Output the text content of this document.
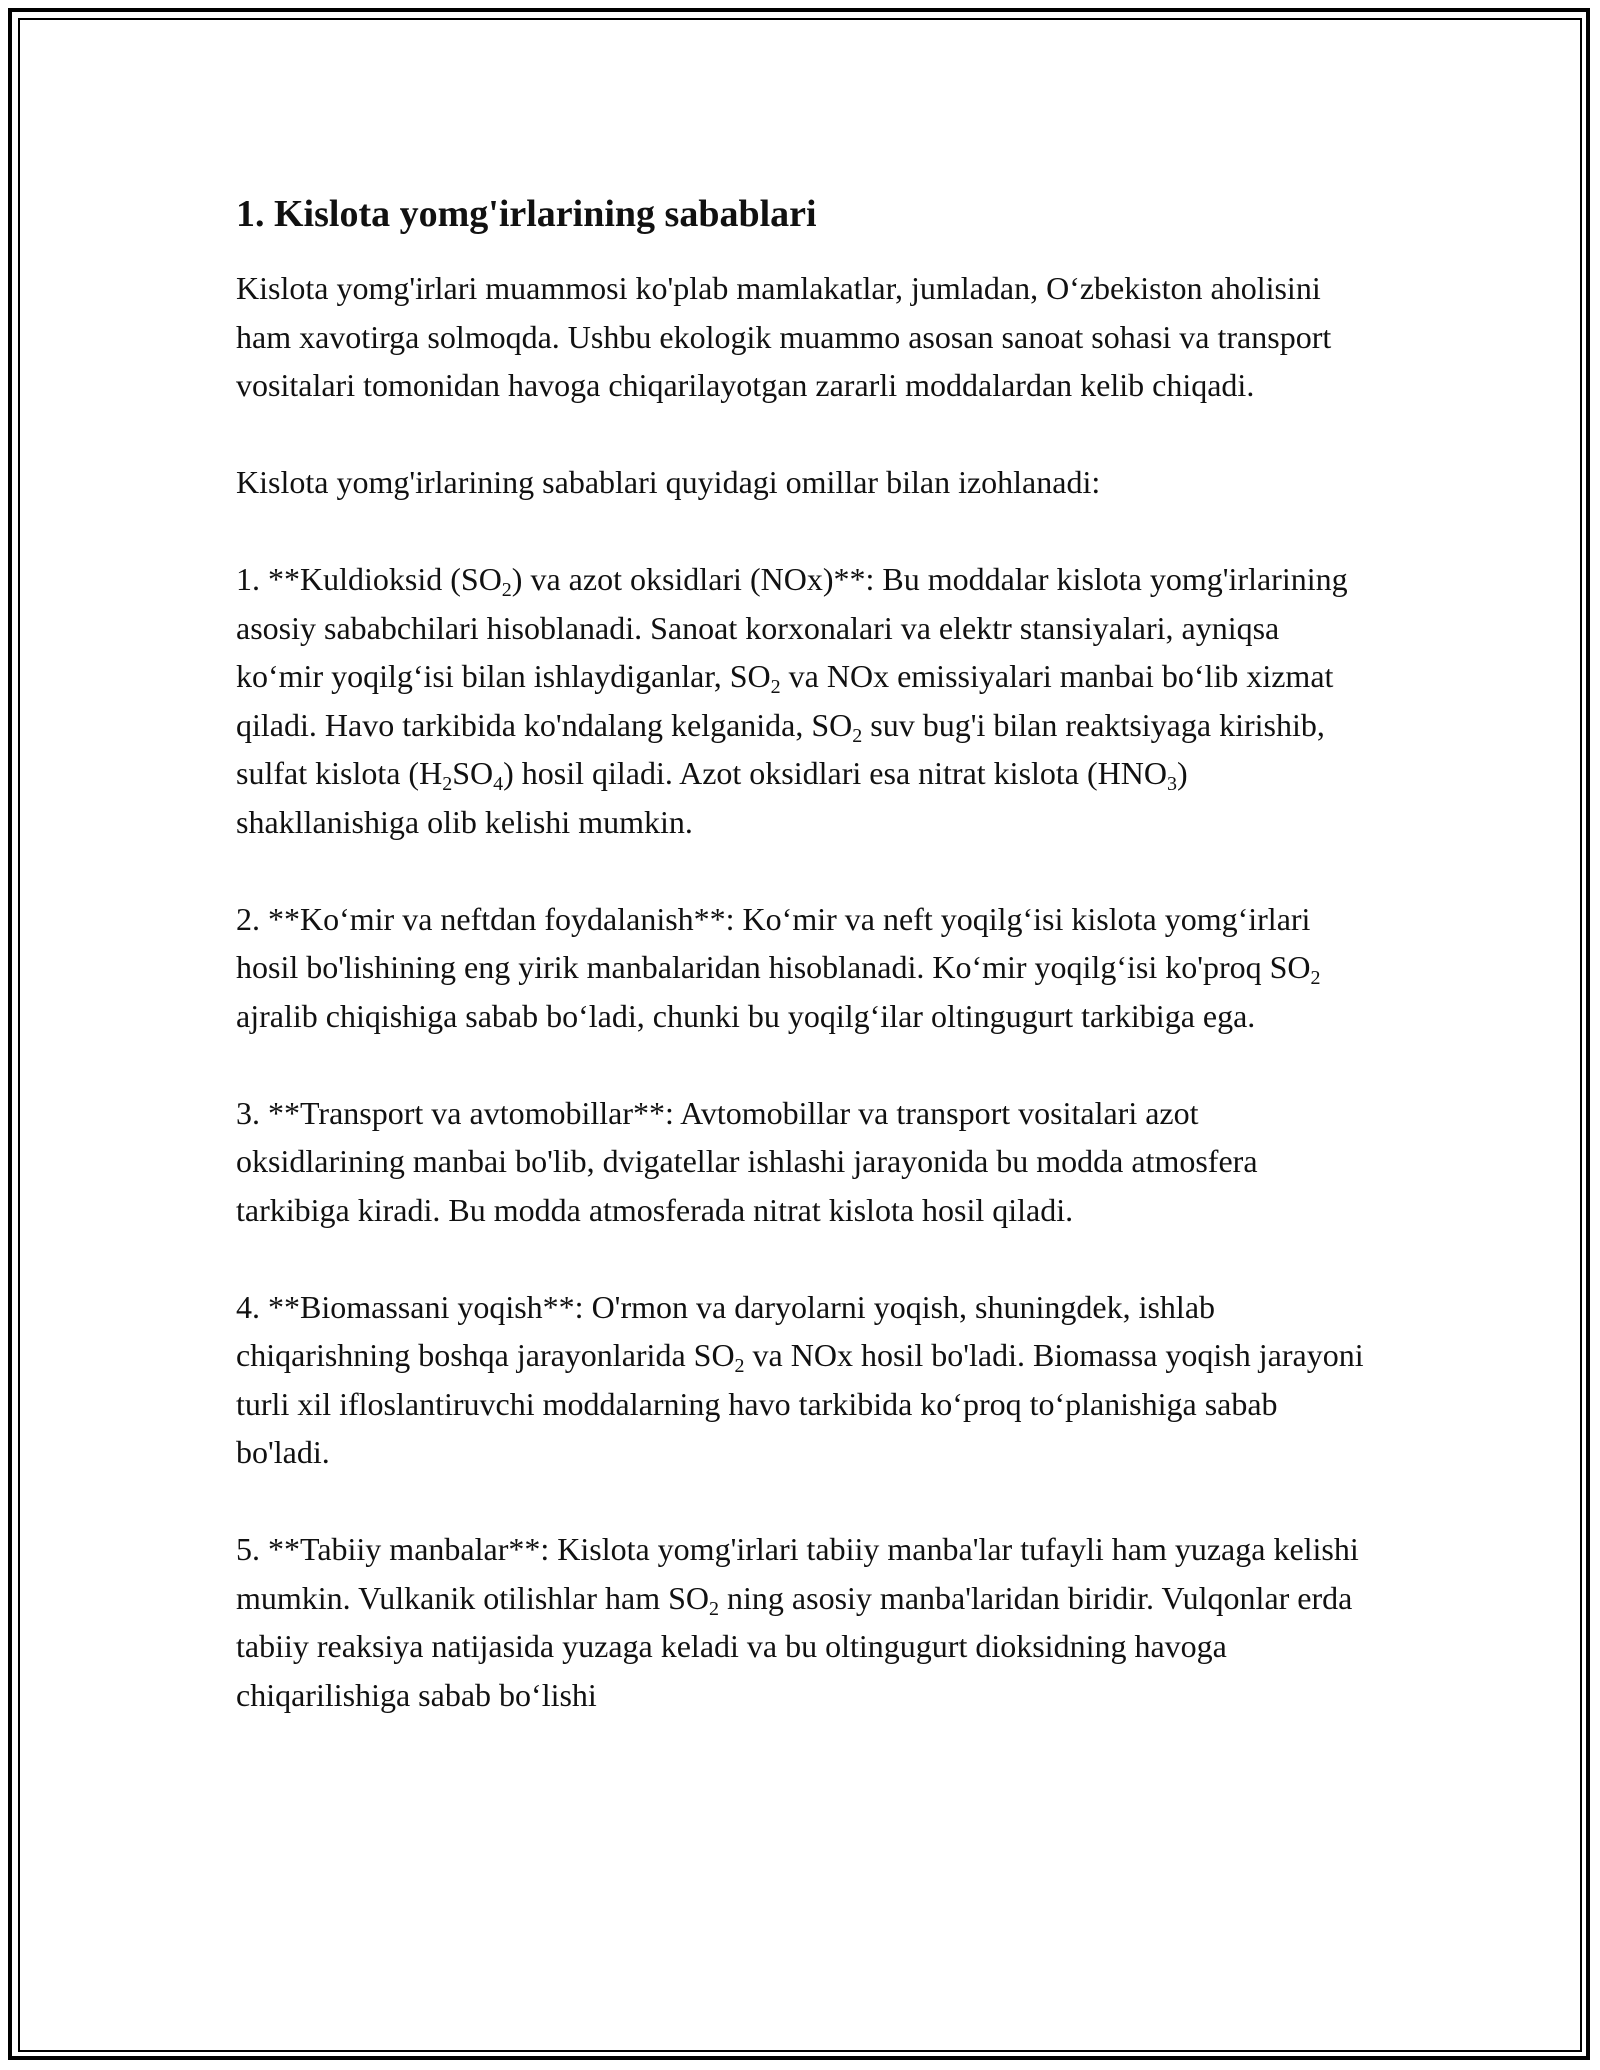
1. Kislota yomg'irlarining sabablari

Kislota yomg'irlari muammosi ko'plab mamlakatlar, jumladan, O‘zbekiston aholisini ham xavotirga solmoqda. Ushbu ekologik muammo asosan sanoat sohasi va transport vositalari tomonidan havoga chiqarilayotgan zararli moddalardan kelib chiqadi.

Kislota yomg'irlarining sabablari quyidagi omillar bilan izohlanadi:

1. **Kuldioksid $(SO_2)$ va azot oksidlari (NOx)**: Bu moddalar kislota yomg'irlarining asosiy sababchilari hisoblanadi. Sanoat korxonalari va elektr stansiyalari, ayniqsa ko‘mir yoqilg‘isi bilan ishlaydiganlar, $SO_2$ va NOx emissiyalari manbai bo‘lib xizmat qiladi. Havo tarkibida ko'ndalang kelganida, $SO_2$ suv bug'i bilan reaktsiyaga kirishib, sulfat kislota $(H_2SO_4)$ hosil qiladi. Azot oksidlari esa nitrat kislota $(HNO_3)$ shakllanishiga olib kelishi mumkin.

2. **Ko‘mir va neftdan foydalanish**: Ko‘mir va neft yoqilg‘isi kislota yomg‘irlari hosil bo'lishining eng yirik manbalaridan hisoblanadi. Ko‘mir yoqilg‘isi ko'proq $SO_2$ ajralib chiqishiga sabab bo‘ladi, chunki bu yoqilg‘ilar oltingugurt tarkibiga ega.

3. **Transport va avtomobillar**: Avtomobillar va transport vositalari azot oksidlarining manbai bo'lib, dvigatellar ishlashi jarayonida bu modda atmosfera tarkibiga kiradi. Bu modda atmosferada nitrat kislota hosil qiladi.

4. **Biomassani yoqish**: O'rmon va daryolarni yoqish, shuningdek, ishlab chiqarishning boshqa jarayonlarida $SO_2$ va NOx hosil bo'ladi. Biomassa yoqish jarayoni turli xil ifloslantiruvchi moddalarning havo tarkibida ko‘proq to‘planishiga sabab bo'ladi.

5. **Tabiiy manbalar**: Kislota yomg'irlari tabiiy manba'lar tufayli ham yuzaga kelishi mumkin. Vulkanik otilishlar ham $SO_2$ ning asosiy manba'laridan biridir. Vulqonlar erda tabiiy reaksiya natijasida yuzaga keladi va bu oltingugurt dioksidning havoga chiqarilishiga sabab bo‘lishi
